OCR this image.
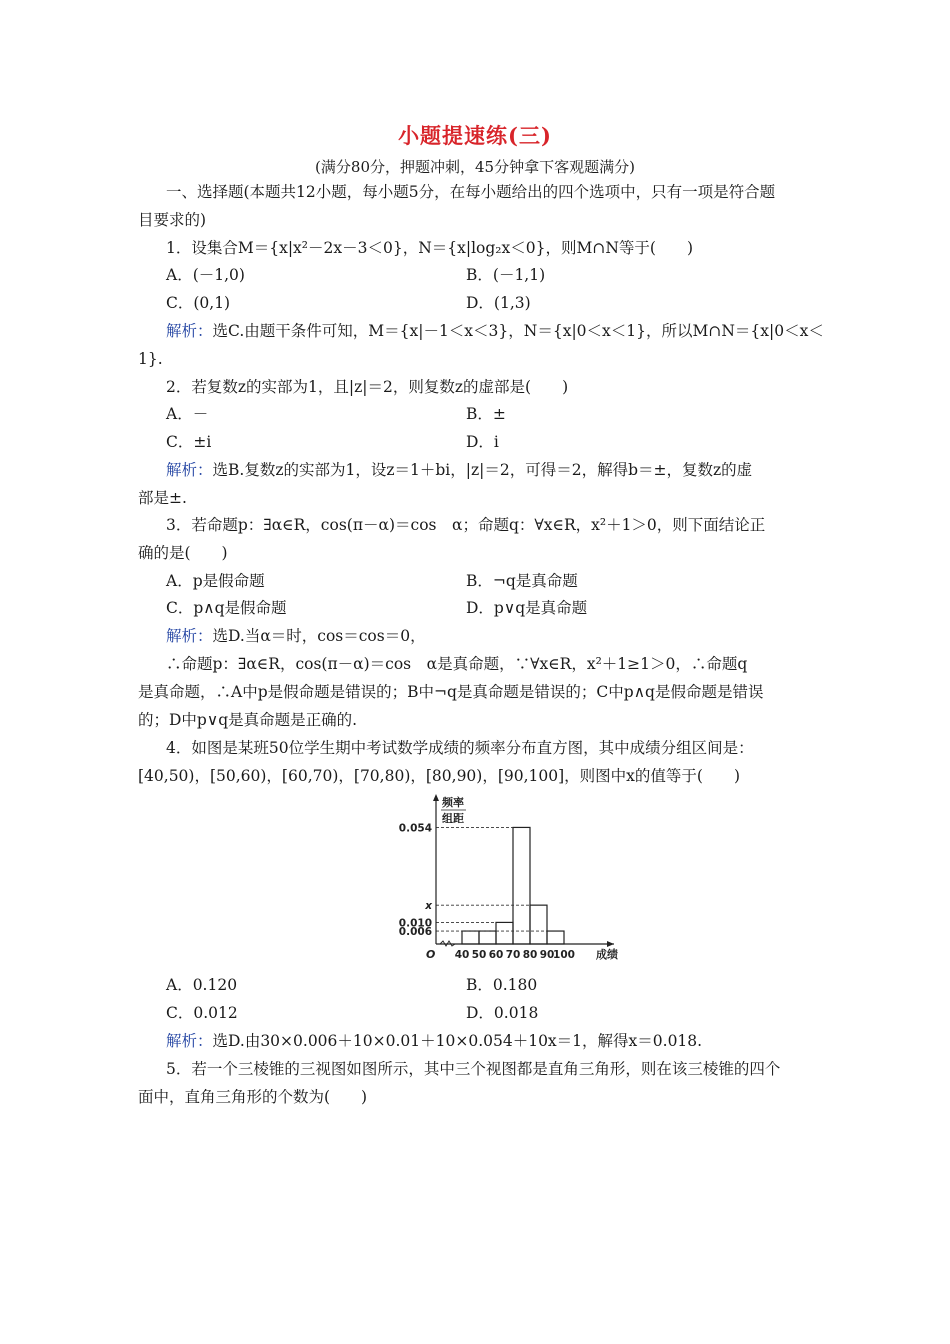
小题提速练(三)
(满分80分，押题冲刺，45分钟拿下客观题满分)
一、选择题(本题共12小题，每小题5分，在每小题给出的四个选项中，只有一项是符合题
目要求的)
1．设集合M＝{x|x²－2x－3＜0}，N＝{x|log₂x＜0}，则M∩N等于(　　)
A．(－1,0)	B．(－1,1)
C．(0,1)	D．(1,3)
解析：选C.由题干条件可知，M＝{x|－1＜x＜3}，N＝{x|0＜x＜1}，所以M∩N＝{x|0＜x＜
1}.
2．若复数z的实部为1，且|z|＝2，则复数z的虚部是(　　)
A．－	B．±
C．±i	D．i
解析：选B.复数z的实部为1，设z＝1＋bi，|z|＝2，可得＝2，解得b＝±，复数z的虚
部是±.
3．若命题p：∃α∈R，cos(π－α)＝cos　α；命题q：∀x∈R，x²＋1＞0，则下面结论正
确的是(　　)
A．p是假命题	B．¬q是真命题
C．p∧q是假命题	D．p∨q是真命题
解析：选D.当α＝时，cos＝cos＝0，
∴命题p：∃α∈R，cos(π－α)＝cos　α是真命题，∵∀x∈R，x²＋1≥1＞0，∴命题q
是真命题，∴A中p是假命题是错误的；B中¬q是真命题是错误的；C中p∧q是假命题是错误
的；D中p∨q是真命题是正确的.
4．如图是某班50位学生期中考试数学成绩的频率分布直方图，其中成绩分组区间是：
[40,50)，[50,60)，[60,70)，[70,80)，[80,90)，[90,100]，则图中x的值等于(　　)
0.006
0.010
x
0.054
40 50 60 70 80 90
100
O
频率
组距
成绩
A．0.120	B．0.180
C．0.012	D．0.018
解析：选D.由30×0.006＋10×0.01＋10×0.054＋10x＝1，解得x＝0.018.
5．若一个三棱锥的三视图如图所示，其中三个视图都是直角三角形，则在该三棱锥的四个
面中，直角三角形的个数为(　　)
